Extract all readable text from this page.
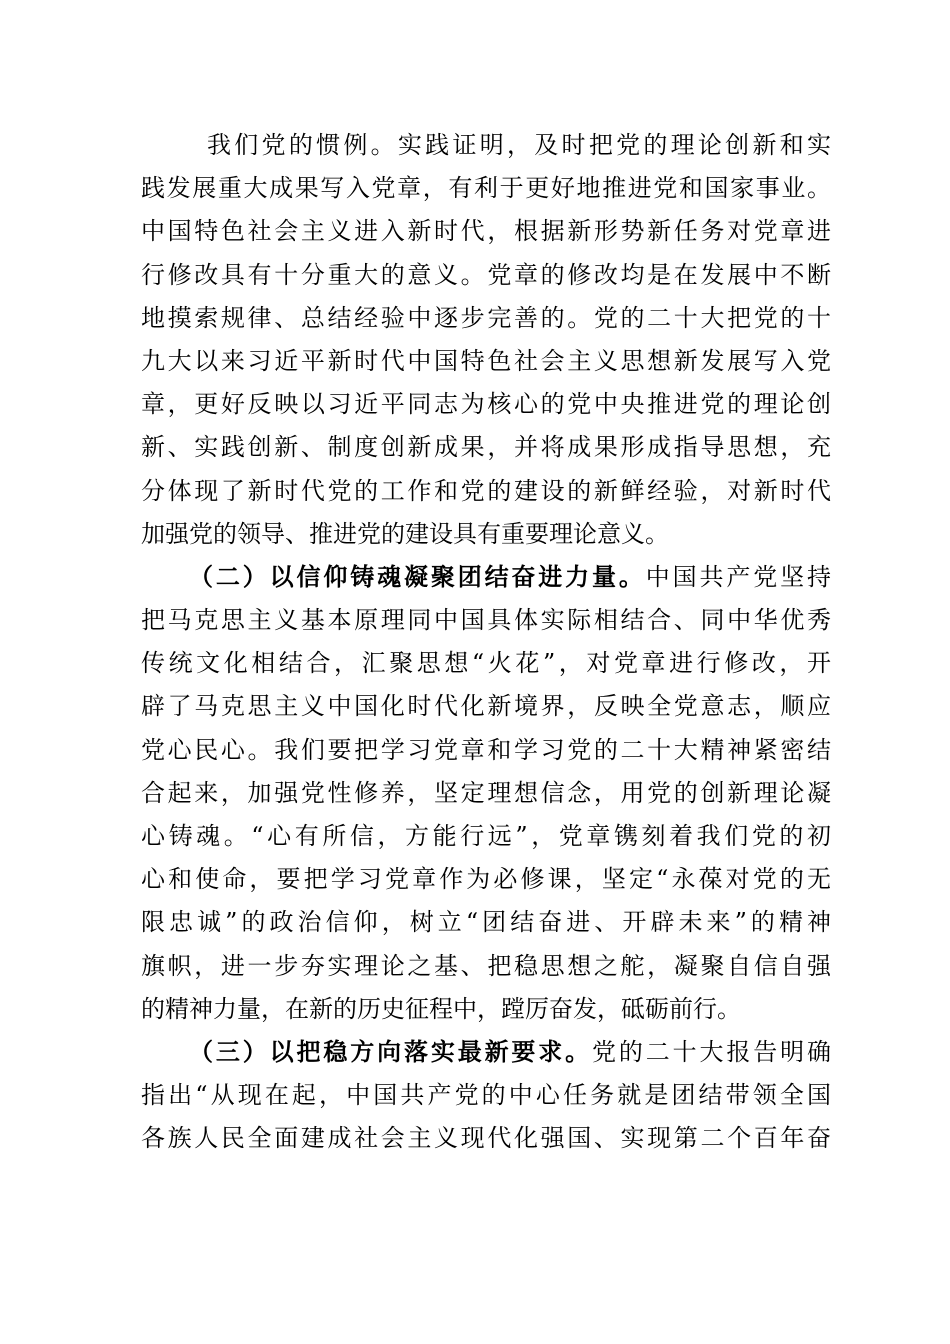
我们党的惯例。实践证明，及时把党的理论创新和实
践发展重大成果写入党章，有利于更好地推进党和国家事业。
中国特色社会主义进入新时代，根据新形势新任务对党章进
行修改具有十分重大的意义。党章的修改均是在发展中不断
地摸索规律、总结经验中逐步完善的。党的二十大把党的十
九大以来习近平新时代中国特色社会主义思想新发展写入党
章，更好反映以习近平同志为核心的党中央推进党的理论创
新、实践创新、制度创新成果，并将成果形成指导思想，充
分体现了新时代党的工作和党的建设的新鲜经验，对新时代
加强党的领导、推进党的建设具有重要理论意义。
（二）以信仰铸魂凝聚团结奋进力量。中国共产党坚持
把马克思主义基本原理同中国具体实际相结合、同中华优秀
传统文化相结合，汇聚思想“火花”，对党章进行修改，开
辟了马克思主义中国化时代化新境界，反映全党意志，顺应
党心民心。我们要把学习党章和学习党的二十大精神紧密结
合起来，加强党性修养，坚定理想信念，用党的创新理论凝
心铸魂。“心有所信，方能行远”，党章镌刻着我们党的初
心和使命，要把学习党章作为必修课，坚定“永葆对党的无
限忠诚”的政治信仰，树立“团结奋进、开辟未来”的精神
旗帜，进一步夯实理论之基、把稳思想之舵，凝聚自信自强
的精神力量，在新的历史征程中，蹚厉奋发，砥砺前行。
（三）以把稳方向落实最新要求。党的二十大报告明确
指出“从现在起，中国共产党的中心任务就是团结带领全国
各族人民全面建成社会主义现代化强国、实现第二个百年奋
